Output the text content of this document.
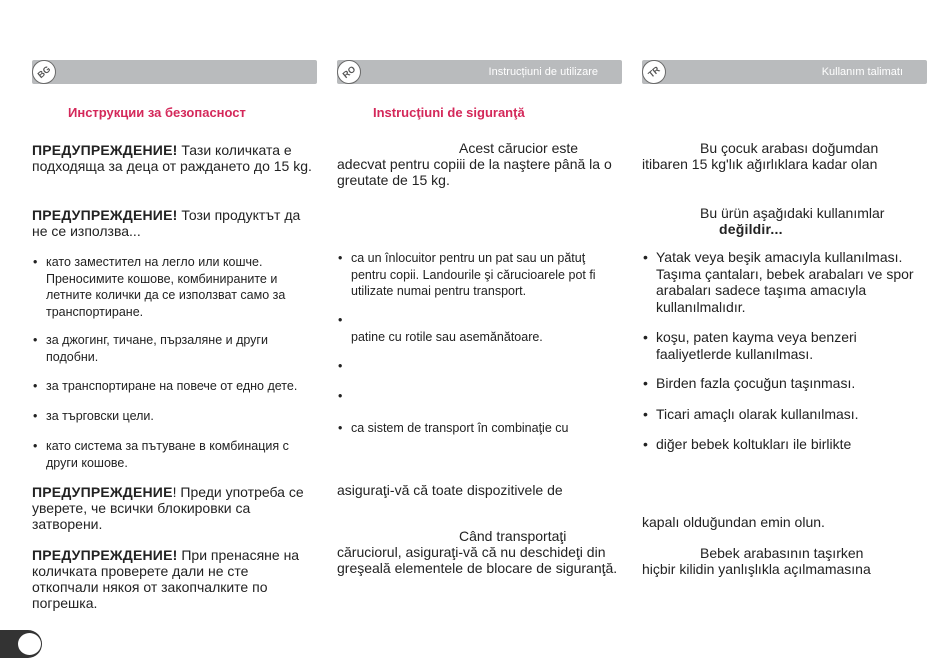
BG
Инструкции за безопасност
ПРЕДУПРЕЖДЕНИЕ! Тази количката е подходяща за деца от раждането до 15 kg.
ПРЕДУПРЕЖДЕНИЕ! Този продуктът да не се използва...
• като заместител на легло или кошче. Преносимите кошове, комбинираните и летните колички да се използват само за транспортиране.
• за джогинг, тичане, пързаляне и други подобни.
• за транспортиране на повече от едно дете.
• за търговски цели.
• като система за пътуване в комбинация с други кошове.
ПРЕДУПРЕЖДЕНИЕ! Преди употреба се уверете, че всички блокировки са затворени.
ПРЕДУПРЕЖДЕНИЕ! При пренасяне на количката проверете дали не сте откопчали някоя от закопчалките по погрешка.
RO	Instrucțiuni de utilizare
Instrucţiuni de siguranţă
Acest cărucior este
adecvat pentru copiii de la naştere până la o greutate de 15 kg.
• ca un înlocuitor pentru un pat sau un pătuţ pentru copii. Landourile şi cărucioarele pot fi utilizate numai pentru transport.

• patine cu rotile sau asemănătoare.
• ca sistem de transport în combinaţie cu
asiguraţi-vă că toate dispozitivele de
Când transportaţi
căruciorul, asiguraţi-vă că nu deschideţi din greşeală elementele de blocare de siguranţă.
TR	Kullanım talimatı
Bu çocuk arabası doğumdan
itibaren 15 kg'lık ağırlıklara kadar olan
Bu ürün aşağıdaki kullanımlar
değildir...
• Yatak veya beşik amacıyla kullanılması. Taşıma çantaları, bebek arabaları ve spor arabaları sadece taşıma amacıyla kullanılmalıdır.
• koşu, paten kayma veya benzeri faaliyetlerde kullanılması.
• Birden fazla çocuğun taşınması.
• Ticari amaçlı olarak kullanılması.
• diğer bebek koltukları ile birlikte
kapalı olduğundan emin olun.
Bebek arabasının taşırken
hiçbir kilidin yanlışlıkla açılmamasına
